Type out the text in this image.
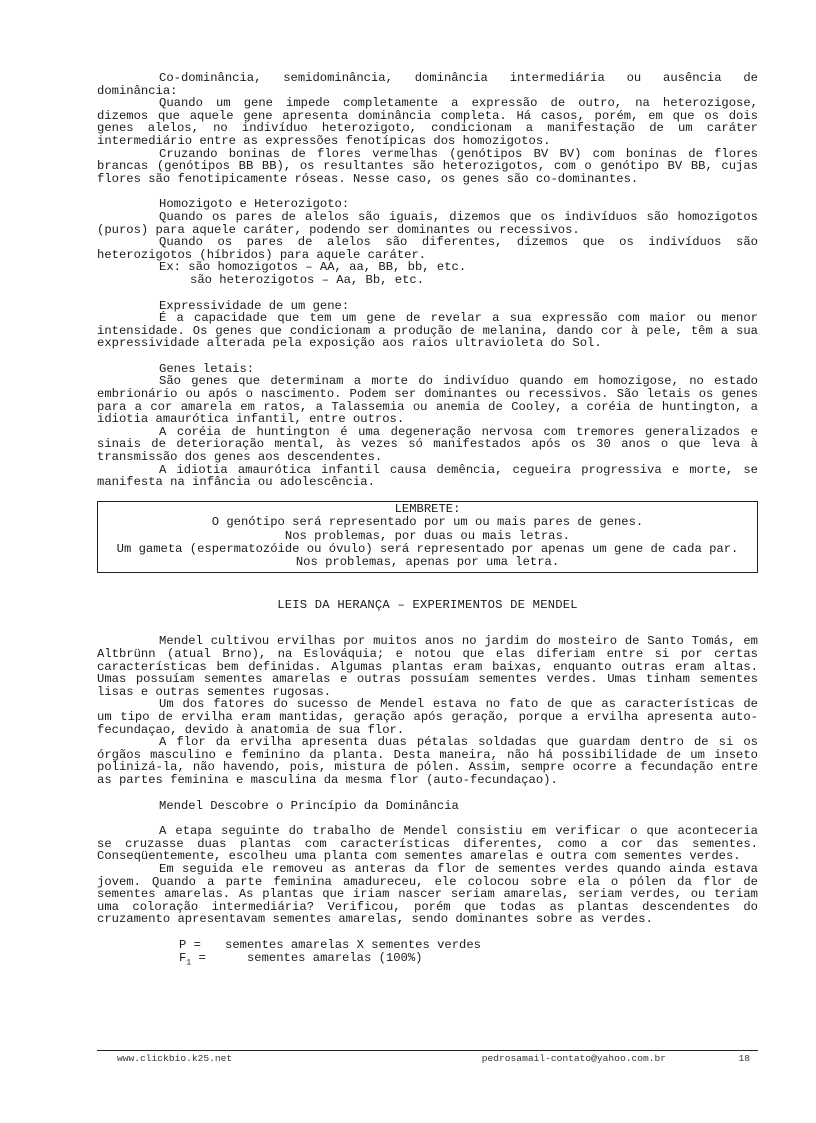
Co-dominância, semidominância, dominância intermediária ou ausência de dominância:

Quando um gene impede completamente a expressão de outro, na heterozigose, dizemos que aquele gene apresenta dominância completa. Há casos, porém, em que os dois genes alelos, no indivíduo heterozigoto, condicionam a manifestação de um caráter intermediário entre as expressões fenotípicas dos homozigotos.

Cruzando boninas de flores vermelhas (genótipos BV BV) com boninas de flores brancas (genótipos BB BB), os resultantes são heterozigotos, com o genótipo BV BB, cujas flores são fenotipicamente róseas. Nesse caso, os genes são co-dominantes.

Homozigoto e Heterozigoto:

Quando os pares de alelos são iguais, dizemos que os indivíduos são homozigotos (puros) para aquele caráter, podendo ser dominantes ou recessivos.

Quando os pares de alelos são diferentes, dizemos que os indivíduos são heterozigotos (híbridos) para aquele caráter.

Ex: são homozigotos – AA, aa, BB, bb, etc.

são heterozigotos – Aa, Bb, etc.

Expressividade de um gene:

É a capacidade que tem um gene de revelar a sua expressão com maior ou menor intensidade. Os genes que condicionam a produção de melanina, dando cor à pele, têm a sua expressividade alterada pela exposição aos raios ultravioleta do Sol.

Genes letais:

São genes que determinam a morte do indivíduo quando em homozigose, no estado embrionário ou após o nascimento. Podem ser dominantes ou recessivos. São letais os genes para a cor amarela em ratos, a Talassemia ou anemia de Cooley, a coréia de huntington, a idiotia amaurótica infantil, entre outros.

A coréia de huntington é uma degeneração nervosa com tremores generalizados e sinais de deterioração mental, às vezes só manifestados após os 30 anos o que leva à transmissão dos genes aos descendentes.

A idiotia amaurótica infantil causa demência, cegueira progressiva e morte, se manifesta na infância ou adolescência.

LEMBRETE:
O genótipo será representado por um ou mais pares de genes.
Nos problemas, por duas ou mais letras.
Um gameta (espermatozóide ou óvulo) será representado por apenas um gene de cada par.
Nos problemas, apenas por uma letra.
LEIS DA HERANÇA – EXPERIMENTOS DE MENDEL

Mendel cultivou ervilhas por muitos anos no jardim do mosteiro de Santo Tomás, em Altbrünn (atual Brno), na Eslováquia; e notou que elas diferiam entre si por certas características bem definidas. Algumas plantas eram baixas, enquanto outras eram altas. Umas possuíam sementes amarelas e outras possuíam sementes verdes. Umas tinham sementes lisas e outras sementes rugosas.

Um dos fatores do sucesso de Mendel estava no fato de que as características de um tipo de ervilha eram mantidas, geração após geração, porque a ervilha apresenta auto-fecundaçao, devido à anatomia de sua flor.

A flor da ervilha apresenta duas pétalas soldadas que guardam dentro de si os órgãos masculino e feminino da planta. Desta maneira, não há possibilidade de um inseto polinizá-la, não havendo, pois, mistura de pólen. Assim, sempre ocorre a fecundação entre as partes feminina e masculina da mesma flor (auto-fecundaçao).

Mendel Descobre o Princípio da Dominância

A etapa seguinte do trabalho de Mendel consistiu em verificar o que aconteceria se cruzasse duas plantas com características diferentes, como a cor das sementes. Conseqüentemente, escolheu uma planta com sementes amarelas e outra com sementes verdes.

Em seguida ele removeu as anteras da flor de sementes verdes quando ainda estava jovem. Quando a parte feminina amadureceu, ele colocou sobre ela o pólen da flor de sementes amarelas. As plantas que iriam nascer seriam amarelas, seriam verdes, ou teriam uma coloração intermediária? Verificou, porém que todas as plantas descendentes do cruzamento apresentavam sementes amarelas, sendo dominantes sobre as verdes.

P = sementes amarelas X sementes verdes

$F_1$ =   sementes amarelas (100%)

www.clickbio.k25.net	pedrosamail-contato@yahoo.com.br	18
